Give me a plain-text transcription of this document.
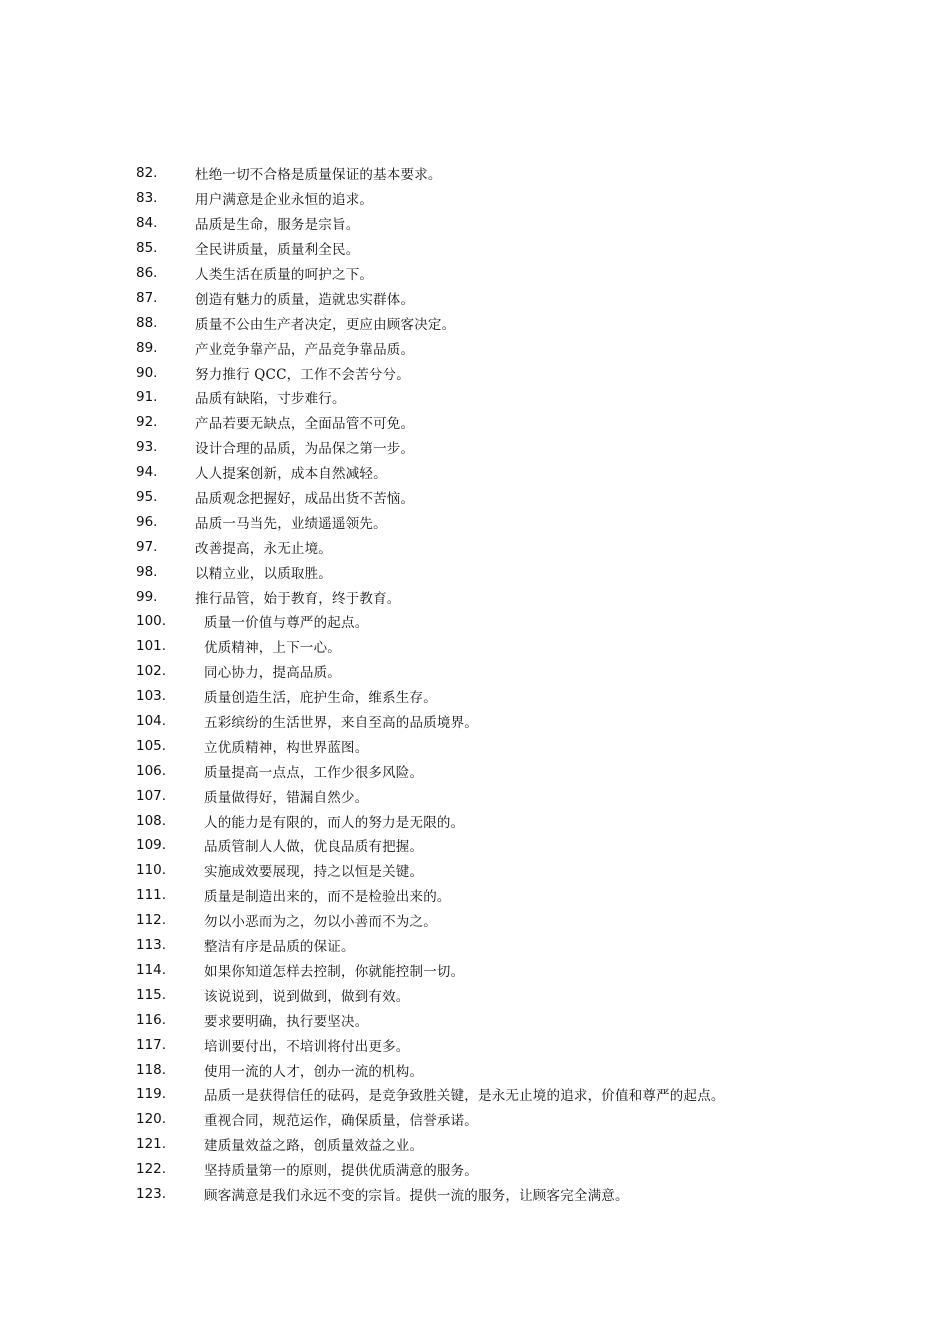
82.	杜绝一切不合格是质量保证的基本要求。
83.	用户满意是企业永恒的追求。
84.	品质是生命，服务是宗旨。
85.	全民讲质量，质量利全民。
86.	人类生活在质量的呵护之下。
87.	创造有魅力的质量，造就忠实群体。
88.	质量不公由生产者决定，更应由顾客决定。
89.	产业竞争靠产品，产品竞争靠品质。
90.	努力推行 QCC，工作不会苦兮兮。
91.	品质有缺陷，寸步难行。
92.	产品若要无缺点，全面品管不可免。
93.	设计合理的品质，为品保之第一步。
94.	人人提案创新，成本自然减轻。
95.	品质观念把握好，成品出货不苦恼。
96.	品质一马当先，业绩遥遥领先。
97.	改善提高，永无止境。
98.	以精立业，以质取胜。
99.	推行品管，始于教育，终于教育。
100.	质量一价值与尊严的起点。
101.	优质精神，上下一心。
102.	同心协力，提高品质。
103.	质量创造生活，庇护生命，维系生存。
104.	五彩缤纷的生活世界，来自至高的品质境界。
105.	立优质精神，构世界蓝图。
106.	质量提高一点点，工作少很多风险。
107.	质量做得好，错漏自然少。
108.	人的能力是有限的，而人的努力是无限的。
109.	品质管制人人做，优良品质有把握。
110.	实施成效要展现，持之以恒是关键。
111.	质量是制造出来的，而不是检验出来的。
112.	勿以小恶而为之，勿以小善而不为之。
113.	整洁有序是品质的保证。
114.	如果你知道怎样去控制，你就能控制一切。
115.	该说说到，说到做到，做到有效。
116.	要求要明确，执行要坚决。
117.	培训要付出，不培训将付出更多。
118.	使用一流的人才，创办一流的机构。
119.	品质一是获得信任的砝码，是竞争致胜关键，是永无止境的追求，价值和尊严的起点。
120.	重视合同，规范运作，确保质量，信誉承诺。
121.	建质量效益之路，创质量效益之业。
122.	坚持质量第一的原则，提供优质满意的服务。
123.	顾客满意是我们永远不变的宗旨。提供一流的服务，让顾客完全满意。
